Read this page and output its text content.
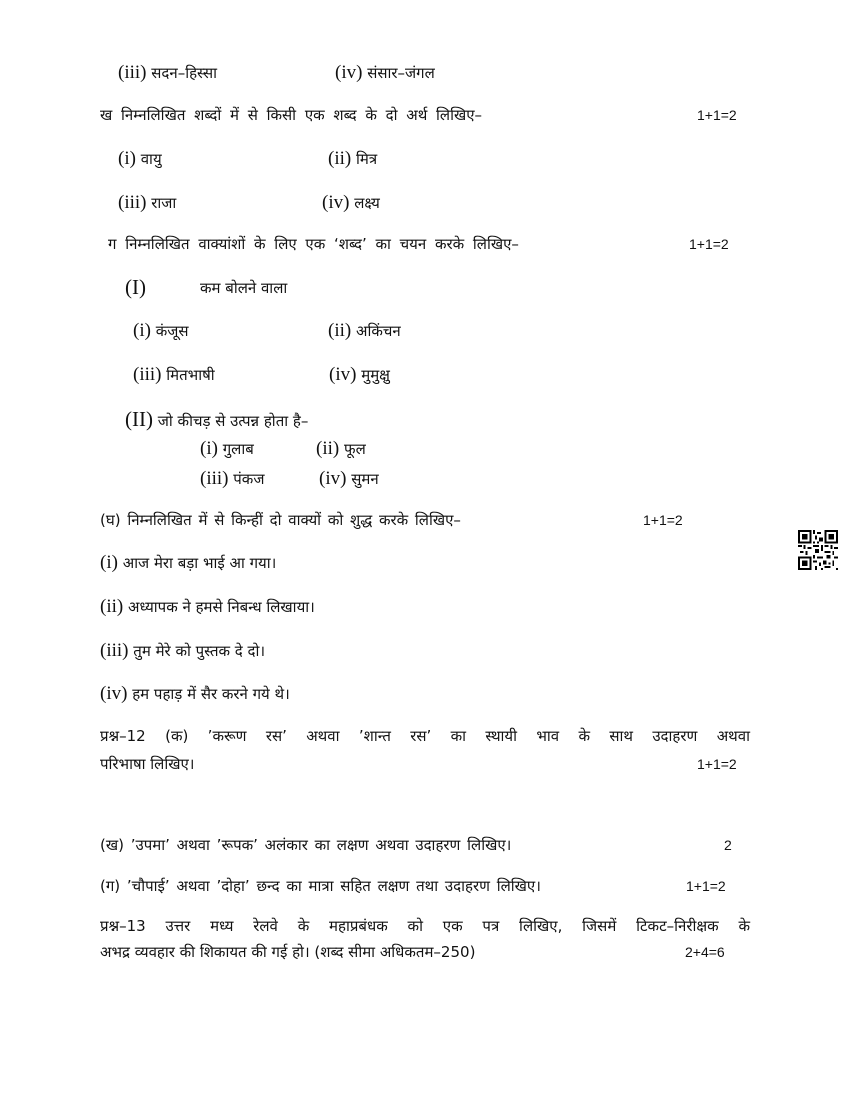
(iii) सदन–हिस्सा	(iv) संसार–जंगल
ख निम्नलिखित शब्दों में से किसी एक शब्द के दो अर्थ लिखिए–	1+1=2
(i) वायु	(ii) मित्र
(iii) राजा	(iv) लक्ष्य
ग निम्नलिखित वाक्यांशों के लिए एक ‘शब्द’ का चयन करके लिखिए–	1+1=2
(I)	कम बोलने वाला
(i) कंजूस	(ii) अकिंचन
(iii) मितभाषी	(iv) मुमुक्षु
(II) जो कीचड़ से उत्पन्न होता है–
(i) गुलाब	(ii) फूल
(iii) पंकज	(iv) सुमन
(घ) निम्नलिखित में से किन्हीं दो वाक्यों को शुद्ध करके लिखिए–	1+1=2
(i) आज मेरा बड़ा भाई आ गया।
(ii) अध्यापक ने हमसे निबन्ध लिखाया।
(iii) तुम मेरे को पुस्तक दे दो।
(iv) हम पहाड़ में सैर करने गये थे।
प्रश्न–12 (क) ’करूण रस’ अथवा ’शान्त रस’ का स्थायी भाव के साथ उदाहरण अथवा
परिभाषा लिखिए।	1+1=2
(ख) ’उपमा’ अथवा ’रूपक’ अलंकार का लक्षण अथवा उदाहरण लिखिए।	2
(ग) ’चौपाई’ अथवा ’दोहा’ छन्द का मात्रा सहित लक्षण तथा उदाहरण लिखिए।	1+1=2
प्रश्न–13 उत्तर मध्य रेलवे के महाप्रबंधक को एक पत्र लिखिए, जिसमें टिकट–निरीक्षक के
अभद्र व्यवहार की शिकायत की गई हो। (शब्द सीमा अधिकतम–250)	2+4=6
